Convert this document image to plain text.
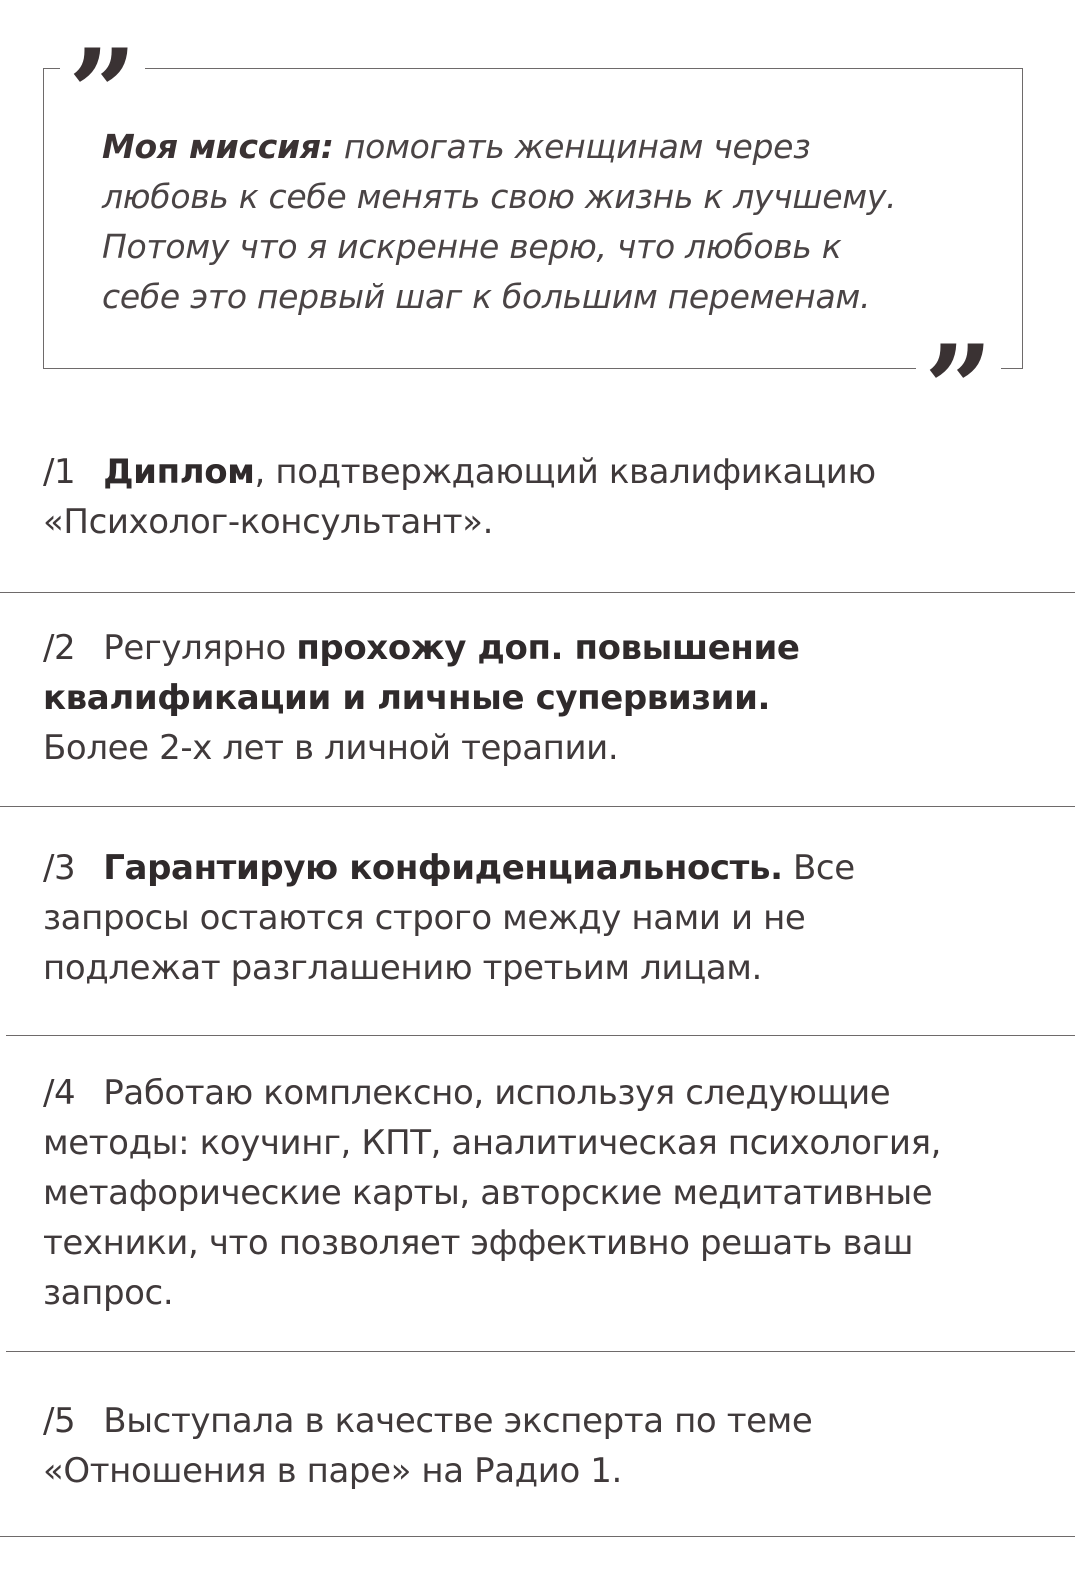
”
”
Моя миссия: помогать женщинам через
любовь к себе менять свою жизнь к лучшему.
Потому что я искренне верю, что любовь к
себе это первый шаг к большим переменам.
/1 Диплом, подтверждающий квалификацию
«Психолог-консультант».
/2 Регулярно прохожу доп. повышение
квалификации и личные супервизии.
Более 2-х лет в личной терапии.
/3 Гарантирую конфиденциальность. Все
запросы остаются строго между нами и не
подлежат разглашению третьим лицам.
/4 Работаю комплексно, используя следующие
методы: коучинг, КПТ, аналитическая психология,
метафорические карты, авторские медитативные
техники, что позволяет эффективно решать ваш
запрос.
/5 Выступала в качестве эксперта по теме
«Отношения в паре» на Радио 1.
